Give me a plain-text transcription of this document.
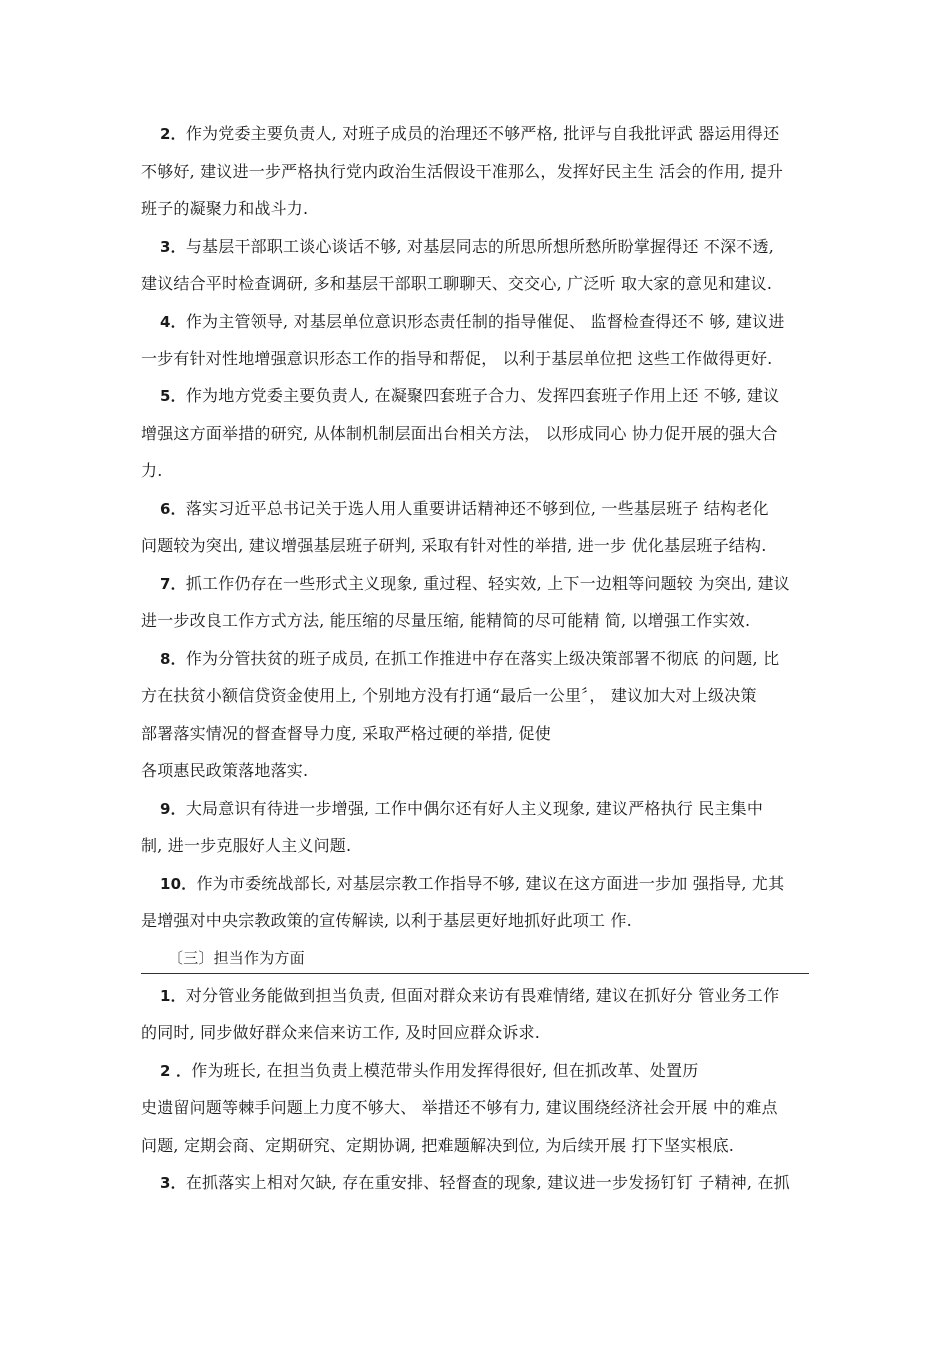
2．作为党委主要负责人, 对班子成员的治理还不够严格, 批评与自我批评武 器运用得还
不够好, 建议进一步严格执行党内政治生活假设干准那么，发挥好民主生 活会的作用, 提升
班子的凝聚力和战斗力.
3．与基层干部职工谈心谈话不够, 对基层同志的所思所想所愁所盼掌握得还 不深不透,
建议结合平时检查调研, 多和基层干部职工聊聊天、交交心, 广泛听 取大家的意见和建议.
4．作为主管领导, 对基层单位意识形态责任制的指导催促、 监督检查得还不 够, 建议进
一步有针对性地增强意识形态工作的指导和帮促， 以利于基层单位把 这些工作做得更好.
5．作为地方党委主要负责人, 在凝聚四套班子合力、发挥四套班子作用上还 不够, 建议
增强这方面举措的研究, 从体制机制层面出台相关方法， 以形成同心 协力促开展的强大合
力.
6．落实习近平总书记关于选人用人重要讲话精神还不够到位, 一些基层班子 结构老化
问题较为突出, 建议增强基层班子研判, 采取有针对性的举措, 进一步 优化基层班子结构.
7．抓工作仍存在一些形式主义现象, 重过程、轻实效, 上下一边粗等问题较 为突出, 建议
进一步改良工作方式方法, 能压缩的尽量压缩, 能精简的尽可能精 简, 以增强工作实效.
8．作为分管扶贫的班子成员, 在抓工作推进中存在落实上级决策部署不彻底 的问题, 比
方在扶贫小额信贷资金使用上, 个别地方没有打通“最后一公里〞， 建议加大对上级决策
部署落实情况的督查督导力度, 采取严格过硬的举措, 促使
各项惠民政策落地落实.
9．大局意识有待进一步增强, 工作中偶尔还有好人主义现象, 建议严格执行 民主集中
制, 进一步克服好人主义问题.
10．作为市委统战部长, 对基层宗教工作指导不够, 建议在这方面进一步加 强指导, 尤其
是增强对中央宗教政策的宣传解读, 以利于基层更好地抓好此项工 作.
〔三〕担当作为方面
1．对分管业务能做到担当负责, 但面对群众来访有畏难情绪, 建议在抓好分 管业务工作
的同时, 同步做好群众来信来访工作, 及时回应群众诉求.
2 ．作为班长, 在担当负责上模范带头作用发挥得很好, 但在抓改革、处置历
史遗留问题等棘手问题上力度不够大、 举措还不够有力, 建议围绕经济社会开展 中的难点
问题, 定期会商、定期研究、定期协调, 把难题解决到位, 为后续开展 打下坚实根底.
3．在抓落实上相对欠缺, 存在重安排、轻督查的现象, 建议进一步发扬钉钉 子精神, 在抓
